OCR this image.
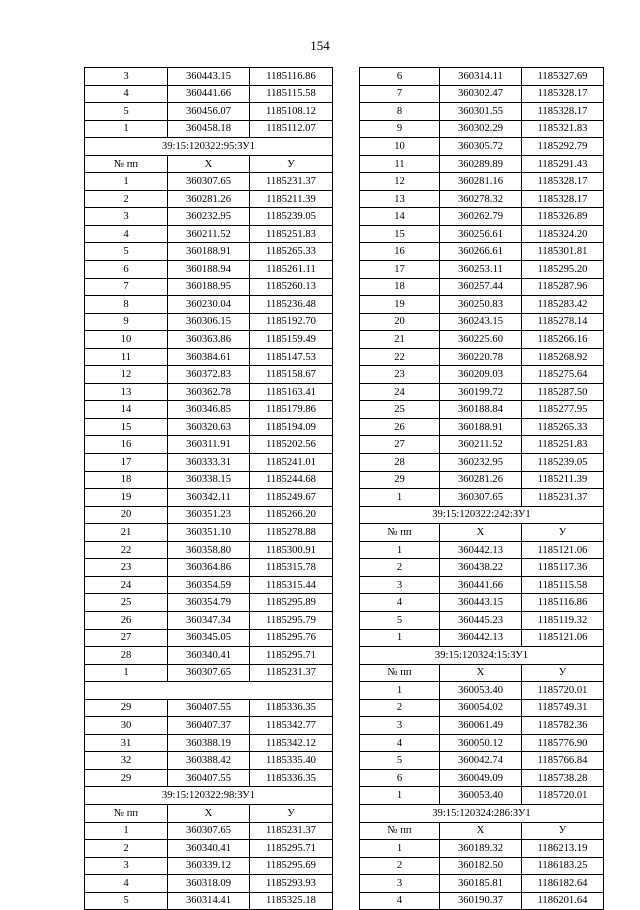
154
3	360443.15	1185116.86
4	360441.66	1185115.58
5	360456.07	1185108.12
1	360458.18	1185112.07
39:15:120322:95:ЗУ1		
№ пп	X	У
1	360307.65	1185231.37
2	360281.26	1185211.39
3	360232.95	1185239.05
4	360211.52	1185251.83
5	360188.91	1185265.33
6	360188.94	1185261.11
7	360188.95	1185260.13
8	360230.04	1185236.48
9	360306.15	1185192.70
10	360363.86	1185159.49
11	360384.61	1185147.53
12	360372.83	1185158.67
13	360362.78	1185163.41
14	360346.85	1185179.86
15	360320.63	1185194.09
16	360311.91	1185202.56
17	360333.31	1185241.01
18	360338.15	1185244.68
19	360342.11	1185249.67
20	360351.23	1185266.20
21	360351.10	1185278.88
22	360358.80	1185300.91
23	360364.86	1185315.78
24	360354.59	1185315.44
25	360354.79	1185295.89
26	360347.34	1185295.79
27	360345.05	1185295.76
28	360340.41	1185295.71
1	360307.65	1185231.37

29	360407.55	1185336.35
30	360407.37	1185342.77
31	360388.19	1185342.12
32	360388.42	1185335.40
29	360407.55	1185336.35
39:15:120322:98:ЗУ1		
№ пп	X	У
1	360307.65	1185231.37
2	360340.41	1185295.71
3	360339.12	1185295.69
4	360318.09	1185293.93
5	360314.41	1185325.18
6	360314.11	1185327.69
7	360302.47	1185328.17
8	360301.55	1185328.17
9	360302.29	1185321.83
10	360305.72	1185292.79
11	360289.89	1185291.43
12	360281.16	1185328.17
13	360278.32	1185328.17
14	360262.79	1185326.89
15	360256.61	1185324.20
16	360266.61	1185301.81
17	360253.11	1185295.20
18	360257.44	1185287.96
19	360250.83	1185283.42
20	360243.15	1185278.14
21	360225.60	1185266.16
22	360220.78	1185268.92
23	360209.03	1185275.64
24	360199.72	1185287.50
25	360188.84	1185277.95
26	360188.91	1185265.33
27	360211.52	1185251.83
28	360232.95	1185239.05
29	360281.26	1185211.39
1	360307.65	1185231.37
39:15:120322:242:ЗУ1		
№ пп	X	У
1	360442.13	1185121.06
2	360438.22	1185117.36
3	360441.66	1185115.58
4	360443.15	1185116.86
5	360445.23	1185119.32
1	360442.13	1185121.06
39:15:120324:15:ЗУ1		
№ пп	X	У
1	360053.40	1185720.01
2	360054.02	1185749.31
3	360061.49	1185782.36
4	360050.12	1185776.90
5	360042.74	1185766.84
6	360049.09	1185738.28
1	360053.40	1185720.01
39:15:120324:286:ЗУ1		
№ пп	X	У
1	360189.32	1186213.19
2	360182.50	1186183.25
3	360185.81	1186182.64
4	360190.37	1186201.64
